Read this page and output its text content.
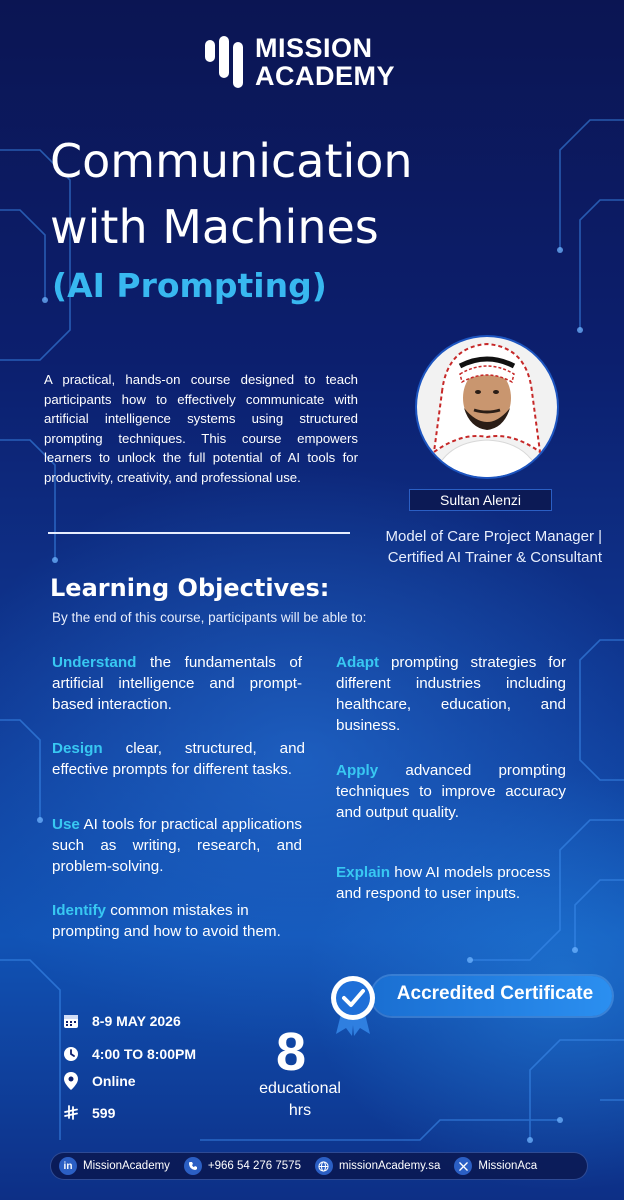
MISSION
ACADEMY
Communication
with Machines
(AI Prompting)

A practical, hands-on course designed to teach participants how to effectively communicate with artificial intelligence systems using structured prompting techniques. This course empowers learners to unlock the full potential of AI tools for productivity, creativity, and professional use.

Sultan Alenzi
Model of Care Project Manager | Certified AI Trainer & Consultant
Learning Objectives:
By the end of this course, participants will be able to:
Understand the fundamentals of artificial intelligence and prompt-based interaction.
Design clear, structured, and effective prompts for different tasks.
Use AI tools for practical applications such as writing, research, and problem-solving.
Identify common mistakes in prompting and how to avoid them.
Adapt prompting strategies for different industries including healthcare, education, and business.
Apply advanced prompting techniques to improve accuracy and output quality.
Explain how AI models process and respond to user inputs.
Accredited Certificate
8-9 MAY 2026
4:00 TO 8:00PM
Online
599
8
educational
hrs
in MissionAcademy	+966 54 276 7575	missionAcademy.sa	MissionAca
